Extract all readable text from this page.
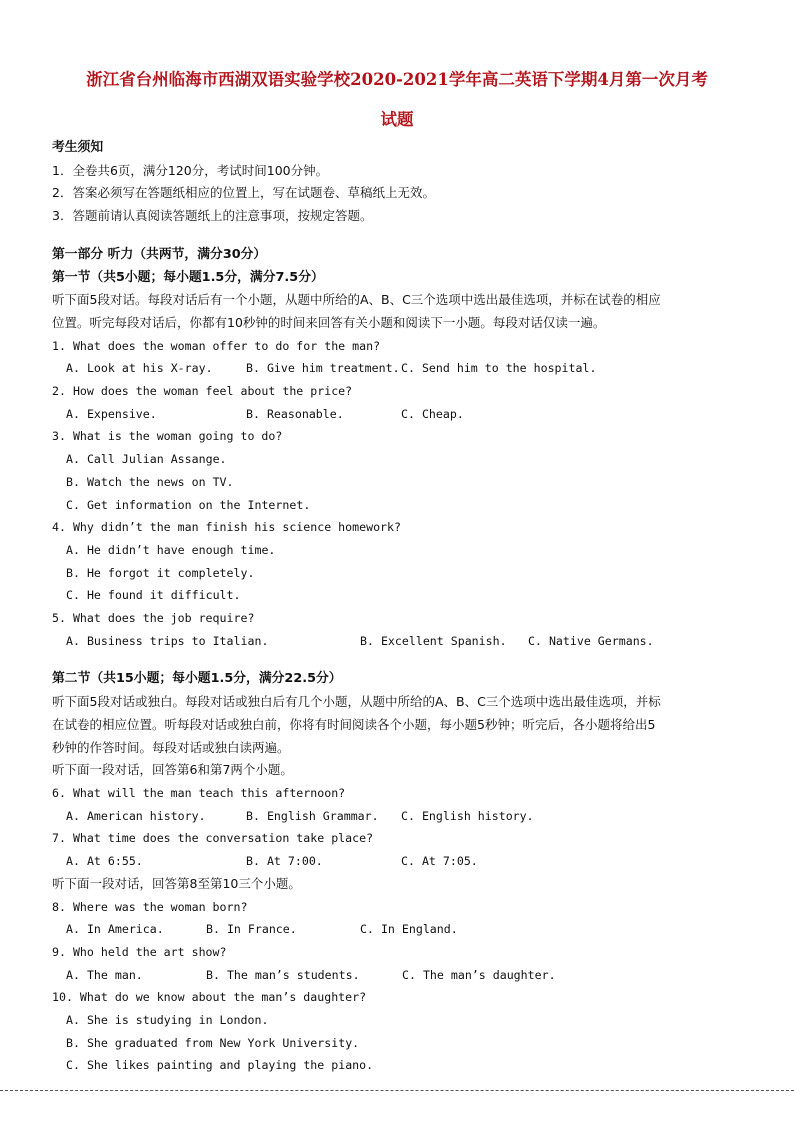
浙江省台州临海市西湖双语实验学校2020-2021学年高二英语下学期4月第一次月考
试题
考生须知
1．全卷共6页，满分120分，考试时间100分钟。
2．答案必须写在答题纸相应的位置上，写在试题卷、草稿纸上无效。
3．答题前请认真阅读答题纸上的注意事项，按规定答题。
第一部分 听力（共两节，满分30分）
第一节（共5小题；每小题1.5分，满分7.5分）
听下面5段对话。每段对话后有一个小题，从题中所给的A、B、C三个选项中选出最佳选项，并标在试卷的相应
位置。听完每段对话后，你都有10秒钟的时间来回答有关小题和阅读下一小题。每段对话仅读一遍。
1. What does the woman offer to do for the man?
A. Look at his X-ray.	B. Give him treatment. C. Send him to the hospital.
2. How does the woman feel about the price?
A. Expensive.	B. Reasonable.	C. Cheap.
3. What is the woman going to do?
A. Call Julian Assange.
B. Watch the news on TV.
C. Get information on the Internet.
4. Why didn’t the man finish his science homework?
A. He didn’t have enough time.
B. He forgot it completely.
C. He found it difficult.
5. What does the job require?
A. Business trips to Italian.	B. Excellent Spanish.	C. Native Germans.
第二节（共15小题；每小题1.5分，满分22.5分）
听下面5段对话或独白。每段对话或独白后有几个小题，从题中所给的A、B、C三个选项中选出最佳选项，并标
在试卷的相应位置。听每段对话或独白前，你将有时间阅读各个小题，每小题5秒钟；听完后，各小题将给出5
秒钟的作答时间。每段对话或独白读两遍。
听下面一段对话，回答第6和第7两个小题。
6. What will the man teach this afternoon?
A. American history.	B. English Grammar.	C. English history.
7. What time does the conversation take place?
A. At 6:55.	B. At 7:00.	C. At 7:05.
听下面一段对话，回答第8至第10三个小题。
8. Where was the woman born?
A. In America.	B. In France.	C. In England.
9. Who held the art show?
A. The man.	B. The man’s students.	C. The man’s daughter.
10. What do we know about the man’s daughter?
A. She is studying in London.
B. She graduated from New York University.
C. She likes painting and playing the piano.
